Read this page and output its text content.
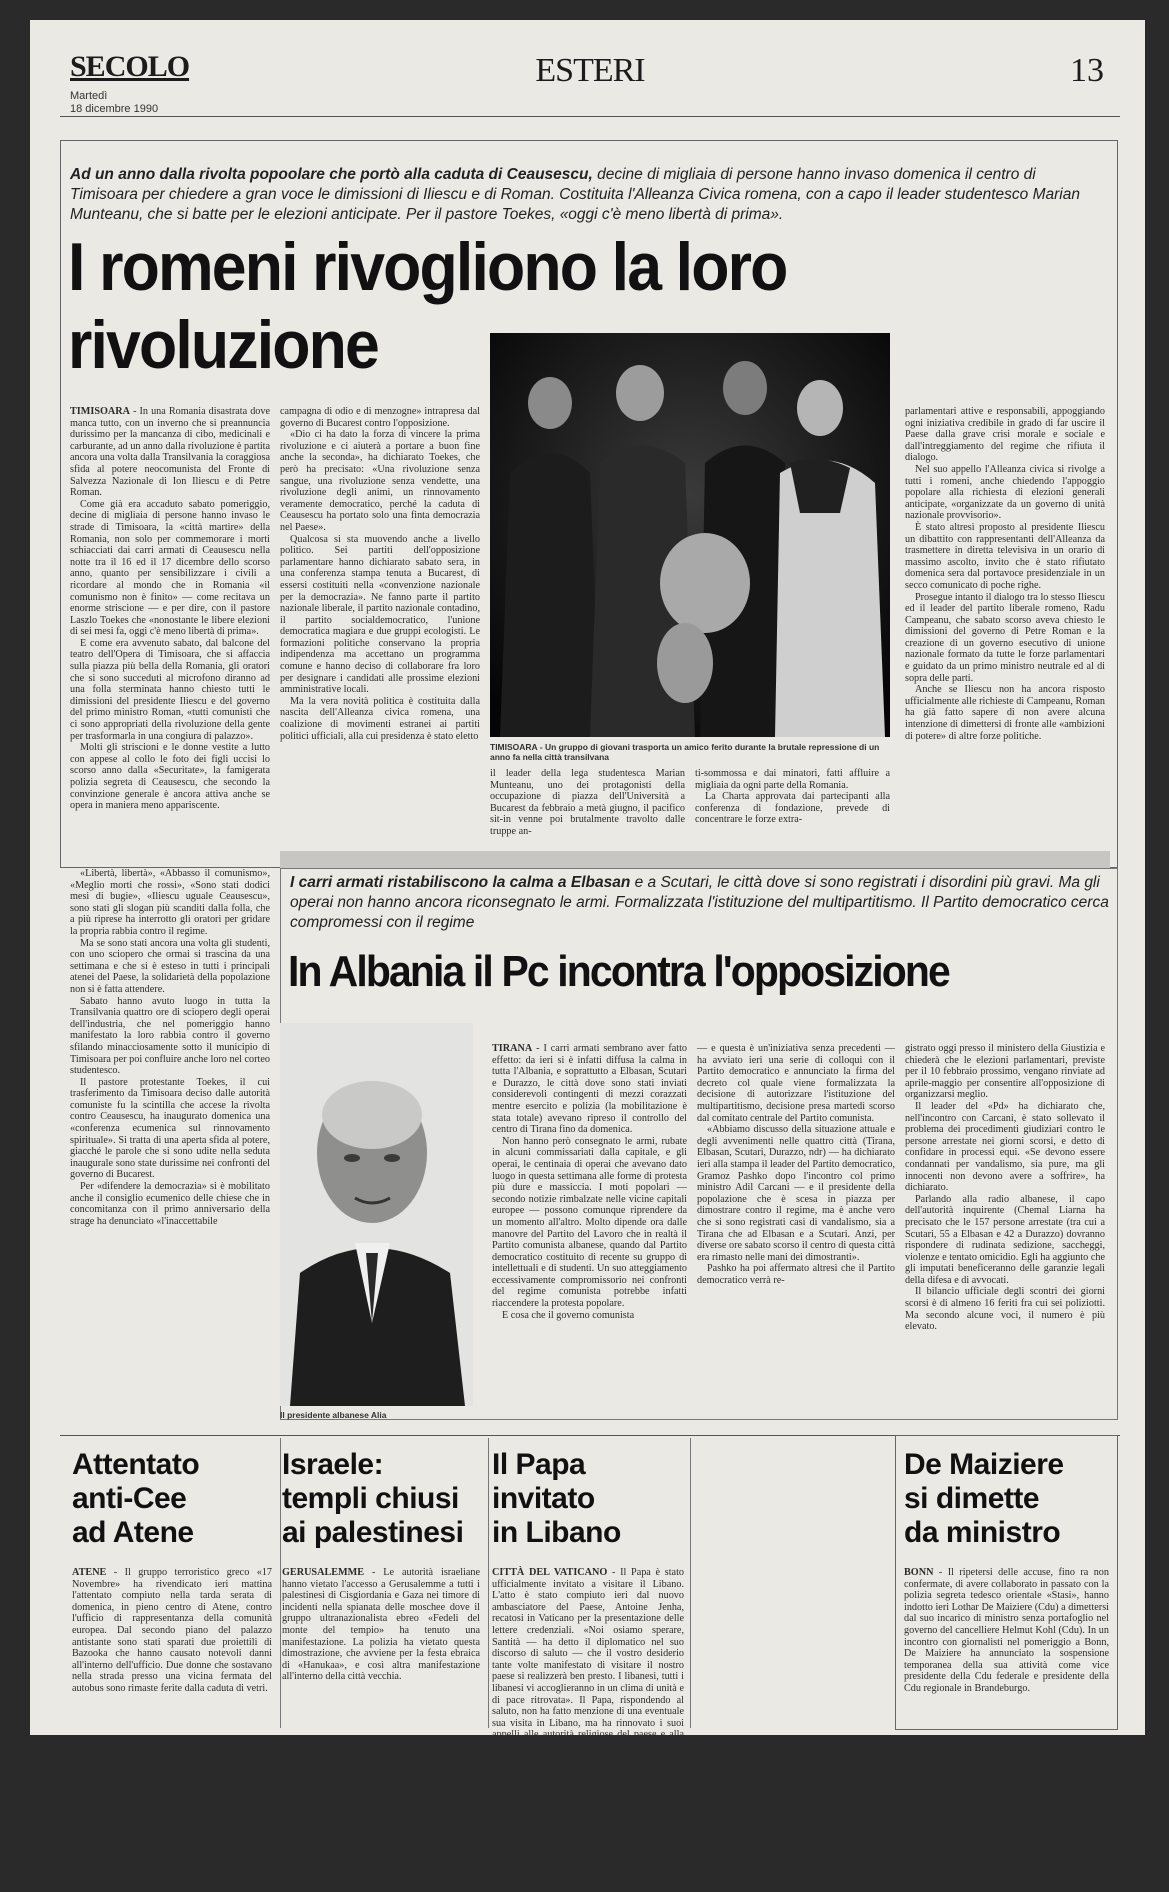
SECOLO
Martedì
18 dicembre 1990
ESTERI	13
Ad un anno dalla rivolta popoolare che portò alla caduta di Ceausescu, decine di migliaia di persone hanno invaso domenica il centro di Timisoara per chiedere a gran voce le dimissioni di Iliescu e di Roman. Costituita l'Alleanza Civica romena, con a capo il leader studentesco Marian Munteanu, che si batte per le elezioni anticipate. Per il pastore Toekes, «oggi c'è meno libertà di prima».
I romeni rivogliono la loro rivoluzione
TIMISOARA - Un gruppo di giovani trasporta un amico ferito durante la brutale repressione di un anno fa nella città transilvana

TIMISOARA - In una Romania disastrata dove manca tutto, con un inverno che si preannuncia durissimo per la mancanza di cibo, medicinali e carburante, ad un anno dalla rivoluzione è partita ancora una volta dalla Transilvania la coraggiosa sfida al potere neocomunista del Fronte di Salvezza Nazionale di Ion Iliescu e di Petre Roman.

Come già era accaduto sabato pomeriggio, decine di migliaia di persone hanno invaso le strade di Timisoara, la «città martire» della Romania, non solo per commemorare i morti schiacciati dai carri armati di Ceausescu nella notte tra il 16 ed il 17 dicembre dello scorso anno, quanto per sensibilizzare i civili a ricordare al mondo che in Romania «il comunismo non è finito» — come recitava un enorme striscione — e per dire, con il pastore Laszlo Toekes che «nonostante le libere elezioni di sei mesi fa, oggi c'è meno libertà di prima».

E come era avvenuto sabato, dal balcone del teatro dell'Opera di Timisoara, che si affaccia sulla piazza più bella della Romania, gli oratori che si sono succeduti al microfono diranno ad una folla sterminata hanno chiesto tutti le dimissioni del presidente Iliescu e del governo del primo ministro Roman, «tutti comunisti che ci sono appropriati della rivoluzione della gente per trasformarla in una congiura di palazzo».

Molti gli striscioni e le donne vestite a lutto con appese al collo le foto dei figli uccisi lo scorso anno dalla «Securitate», la famigerata polizia segreta di Ceausescu, che secondo la convinzione generale è ancora attiva anche se opera in maniera meno appariscente.

«Libertà, libertà», «Abbasso il comunismo», «Meglio morti che rossi», «Sono stati dodici mesi di bugie», «Iliescu uguale Ceausescu», sono stati gli slogan più scanditi dalla folla, che a più riprese ha interrotto gli oratori per gridare la propria rabbia contro il regime.

Ma se sono stati ancora una volta gli studenti, con uno sciopero che ormai si trascina da una settimana e che si è esteso in tutti i principali atenei del Paese, la solidarietà della popolazione non si è fatta attendere.

Sabato hanno avuto luogo in tutta la Transilvania quattro ore di sciopero degli operai dell'industria, che nel pomeriggio hanno manifestato la loro rabbia contro il governo sfilando minacciosamente sotto il municipio di Timisoara per poi confluire anche loro nel corteo studentesco.

Il pastore protestante Toekes, il cui trasferimento da Timisoara deciso dalle autorità comuniste fu la scintilla che accese la rivolta contro Ceausescu, ha inaugurato domenica una «conferenza ecumenica sul rinnovamento spirituale». Si tratta di una aperta sfida al potere, giacché le parole che si sono udite nella seduta inaugurale sono state durissime nei confronti del governo di Bucarest.

Per «difendere la democrazia» si è mobilitato anche il consiglio ecumenico delle chiese che in concomitanza con il primo anniversario della strage ha denunciato «l'inaccettabile

campagna di odio e di menzogne» intrapresa dal governo di Bucarest contro l'opposizione.

«Dio ci ha dato la forza di vincere la prima rivoluzione e ci aiuterà a portare a buon fine anche la seconda», ha dichiarato Toekes, che però ha precisato: «Una rivoluzione senza sangue, una rivoluzione senza vendette, una rivoluzione degli animi, un rinnovamento veramente democratico, perché la caduta di Ceausescu ha portato solo una finta democrazia nel Paese».

Qualcosa si sta muovendo anche a livello politico. Sei partiti dell'opposizione parlamentare hanno dichiarato sabato sera, in una conferenza stampa tenuta a Bucarest, di essersi costituiti nella «convenzione nazionale per la democrazia». Ne fanno parte il partito nazionale liberale, il partito nazionale contadino, il partito socialdemocratico, l'unione democratica magiara e due gruppi ecologisti. Le formazioni politiche conservano la propria indipendenza ma accettano un programma comune e hanno deciso di collaborare fra loro per designare i candidati alle prossime elezioni amministrative locali.

Ma la vera novità politica è costituita dalla nascita dell'Alleanza civica romena, una coalizione di movimenti estranei ai partiti politici ufficiali, alla cui presidenza è stato eletto

il leader della lega studentesca Marian Munteanu, uno dei protagonisti della occupazione di piazza dell'Università a Bucarest da febbraio a metà giugno, il pacifico sit-in venne poi brutalmente travolto dalle truppe an-

ti-sommossa e dai minatori, fatti affluire a migliaia da ogni parte della Romania.

La Charta approvata dai partecipanti alla conferenza di fondazione, prevede di concentrare le forze extra-

parlamentari attive e responsabili, appoggiando ogni iniziativa credibile in grado di far uscire il Paese dalla grave crisi morale e sociale e dall'intreggiamento del regime che rifiuta il dialogo.

Nel suo appello l'Alleanza civica si rivolge a tutti i romeni, anche chiedendo l'appoggio popolare alla richiesta di elezioni generali anticipate, «organizzate da un governo di unità nazionale provvisorio».

È stato altresì proposto al presidente Iliescu un dibattito con rappresentanti dell'Alleanza da trasmettere in diretta televisiva in un orario di massimo ascolto, invito che è stato rifiutato domenica sera dal portavoce presidenziale in un secco comunicato di poche righe.

Prosegue intanto il dialogo tra lo stesso Iliescu ed il leader del partito liberale romeno, Radu Campeanu, che sabato scorso aveva chiesto le dimissioni del governo di Petre Roman e la creazione di un governo esecutivo di unione nazionale formato da tutte le forze parlamentari e guidato da un primo ministro neutrale ed al di sopra delle parti.

Anche se Iliescu non ha ancora risposto ufficialmente alle richieste di Campeanu, Roman ha già fatto sapere di non avere alcuna intenzione di dimettersi di fronte alle «ambizioni di potere» di altre forze politiche.

I carri armati ristabiliscono la calma a Elbasan e a Scutari, le città dove si sono registrati i disordini più gravi. Ma gli operai non hanno ancora riconsegnato le armi. Formalizzata l'istituzione del multipartitismo. Il Partito democratico cerca compromessi con il regime
In Albania il Pc incontra l'opposizione
Il presidente albanese Alia

TIRANA - I carri armati sembrano aver fatto effetto: da ieri si è infatti diffusa la calma in tutta l'Albania, e soprattutto a Elbasan, Scutari e Durazzo, le città dove sono stati inviati considerevoli contingenti di mezzi corazzati mentre esercito e polizia (la mobilitazione è stata totale) avevano ripreso il controllo del centro di Tirana fino da domenica.

Non hanno però consegnato le armi, rubate in alcuni commissariati dalla capitale, e gli operai, le centinaia di operai che avevano dato luogo in questa settimana alle forme di protesta più dure e massiccia. I moti popolari — secondo notizie rimbalzate nelle vicine capitali europee — possono comunque riprendere da un momento all'altro. Molto dipende ora dalle manovre del Partito del Lavoro che in realtà il Partito comunista albanese, quando dal Partito democratico costituito di recente su gruppo di intellettuali e di studenti. Un suo atteggiamento eccessivamente compromissorio nei confronti del regime comunista potrebbe infatti riaccendere la protesta popolare.

E cosa che il governo comunista

— e questa è un'iniziativa senza precedenti — ha avviato ieri una serie di colloqui con il Partito democratico e annunciato la firma del decreto col quale viene formalizzata la decisione di autorizzare l'istituzione del multipartitismo, decisione presa martedì scorso dal comitato centrale del Partito comunista.

«Abbiamo discusso della situazione attuale e degli avvenimenti nelle quattro città (Tirana, Elbasan, Scutari, Durazzo, ndr) — ha dichiarato ieri alla stampa il leader del Partito democratico, Gramoz Pashko dopo l'incontro col primo ministro Adil Carcani — e il presidente della popolazione che è scesa in piazza per dimostrare contro il regime, ma è anche vero che si sono registrati casi di vandalismo, sia a Tirana che ad Elbasan e a Scutari. Anzi, per diverse ore sabato scorso il centro di questa città era rimasto nelle mani dei dimostranti».

Pashko ha poi affermato altresì che il Partito democratico verrà re-

gistrato oggi presso il ministero della Giustizia e chiederà che le elezioni parlamentari, previste per il 10 febbraio prossimo, vengano rinviate ad aprile-maggio per consentire all'opposizione di organizzarsi meglio.

Il leader del «Pd» ha dichiarato che, nell'incontro con Carcani, è stato sollevato il problema dei procedimenti giudiziari contro le persone arrestate nei giorni scorsi, e detto di confidare in processi equi. «Se devono essere condannati per vandalismo, sia pure, ma gli innocenti non devono avere a soffrire», ha dichiarato.

Parlando alla radio albanese, il capo dell'autorità inquirente (Chemal Liarna ha precisato che le 157 persone arrestate (tra cui a Scutari, 55 a Elbasan e 42 a Durazzo) dovranno rispondere di rudinata sedizione, saccheggi, violenze e tentato omicidio. Egli ha aggiunto che gli imputati beneficeranno delle garanzie legali della difesa e di avvocati.

Il bilancio ufficiale degli scontri dei giorni scorsi è di almeno 16 feriti fra cui sei poliziotti. Ma secondo alcune voci, il numero è più elevato.

Attentato
anti-Cee
ad Atene

ATENE - Il gruppo terroristico greco «17 Novembre» ha rivendicato ieri mattina l'attentato compiuto nella tarda serata di domenica, in pieno centro di Atene, contro l'ufficio di rappresentanza della comunità europea. Dal secondo piano del palazzo antistante sono stati sparati due proiettili di Bazooka che hanno causato notevoli danni all'interno dell'ufficio. Due donne che sostavano nella strada presso una vicina fermata del autobus sono rimaste ferite dalla caduta di vetri.

Israele:
templi chiusi
ai palestinesi

GERUSALEMME - Le autorità israeliane hanno vietato l'accesso a Gerusalemme a tutti i palestinesi di Cisgiordania e Gaza nei timore di incidenti nella spianata delle moschee dove il gruppo ultranazionalista ebreo «Fedeli del monte del tempio» ha tenuto una manifestazione. La polizia ha vietato questa dimostrazione, che avviene per la festa ebraica di «Hanukaa», e così altra manifestazione all'interno della città vecchia.

Il Papa
invitato
in Libano

CITTÀ DEL VATICANO - Il Papa è stato ufficialmente invitato a visitare il Libano. L'atto è stato compiuto ieri dal nuovo ambasciatore del Paese, Antoine Jenha, recatosi in Vaticano per la presentazione delle lettere credenziali. «Noi osiamo sperare, Santità — ha detto il diplomatico nel suo discorso di saluto — che il vostro desiderio tante volte manifestato di visitare il nostro paese si realizzerà ben presto. I libanesi, tutti i libanesi vi accoglieranno in un clima di unità e di pace ritrovata». Il Papa, rispondendo al saluto, non ha fatto menzione di una eventuale sua visita in Libano, ma ha rinnovato i suoi appelli alle autorità religiose del paese e alla comunità internazionale perché consentano al paese di avere una vita normale e «pacificata». «Conviene sottolineare — ha aggiunto — che la salvezza del Libano e il suo ritorno ad un'esistenza normale non potranno essere ottenuti senza il concorso di altri paesi della regione che debbono evitare ogni nuovo motivo di confronto e, in particolare, permettere al libanesi di superare e di rifiutare la logica della scontro per creare insieme le condizioni di una vita nazionale fondata sul diritto e sulle aspirazioni legittime di ognuno dei gruppi che compongono la nazione».

De Maiziere
si dimette
da ministro

BONN - Il ripetersi delle accuse, fino ra non confermate, di avere collaborato in passato con la polizia segreta tedesco orientale «Stasi», hanno indotto ieri Lothar De Maiziere (Cdu) a dimettersi dal suo incarico di ministro senza portafoglio nel governo del cancelliere Helmut Kohl (Cdu). In un incontro con giornalisti nel pomeriggio a Bonn, De Maiziere ha annunciato la sospensione temporanea della sua attività come vice presidente della Cdu federale e presidente della Cdu regionale in Brandeburgo.
